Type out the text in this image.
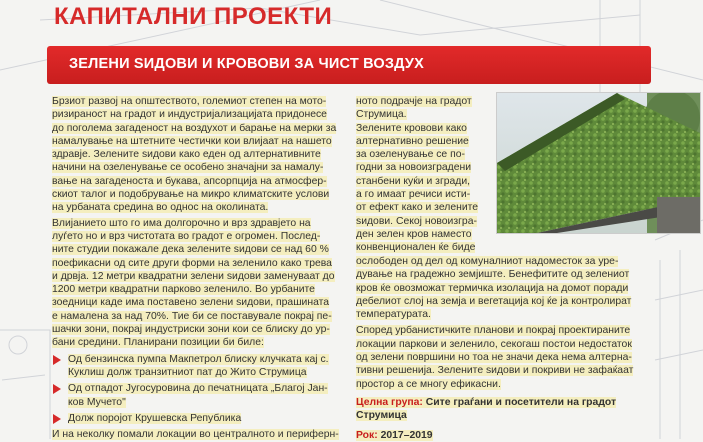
КАПИТАЛНИ ПРОЕКТИ
ЗЕЛЕНИ ЅИДОВИ И КРОВОВИ ЗА ЧИСТ ВОЗДУХ

Брзиот развој на општеството, големиот степен на мото-
ризираност на градот и индустријализацијата придонесе
до поголема загаденост на воздухот и барање на мерки за
намалување на штетните честички кои влијаат на нашето
здравје. Зелените ѕидови како еден од алтернативните
начини на озеленување се особено значајни за намалу-
вање на загаденоста и букава, апсорпција на атмосфер-
скиот талог и подобрување на микро климатските услови
на урбаната средина во однос на околината.

Влијанието што го има долгорочно и врз здравјето на
луѓето но и врз чистотата во градот е огромен. Послед-
ните студии покажале дека зелените ѕидови се над 60 %
поефикасни од сите други форми на зеленило како трева
и дрвја. 12 метри квадратни зелени ѕидови заменуваат до
1200 метри квадратни парково зеленило. Во урбаните
зоедници каде има поставено зелени ѕидови, прашината
е намалена за над 70%. Тие би се поставувале покрај пе-
шачки зони, покрај индустриски зони кои се блиску до ур-
бани средини. Планирани позиции би биле:

Од бензинска пумпа Макпетрол блиску клучката кај с.
Куклиш долж транзитниот пат до Жито Струмица
Од отпадот Југосуровина до печатницата „Благој Јан-
ков Мучето"
Долж поројот Крушевска Република

И на неколку помали локации во централното и периферн-

ното подрачје на градот
Струмица.
Зелените кровови како
алтернативно решение
за озеленување се по-
годни за новоизградени
станбени куќи и згради,
а го имаат речиси исти-
от ефект како и зелените
ѕидови. Секој новоизгра-
ден зелен кров наместо
конвенционален ќе биде

ослободен од дел од комуналниот надоместок за уре-
дување на градежно земјиште. Бенефитите од зелениот
кров ќе овозможат термичка изолација на домот поради
дебелиот слој на земја и вегетација кој ќе ја контролират
температурата.

Според урбанистичките планови и покрај проектираните
локации паркови и зеленило, секогаш постои недостаток
од зелени површини но тоа не значи дека нема алтерна-
тивни решенија. Зелените ѕидови и покриви не зафаќаат
простор а се многу ефикасни.

Целна група: Сите граѓани и посетители на градот
Струмица

Рок: 2017–2019
